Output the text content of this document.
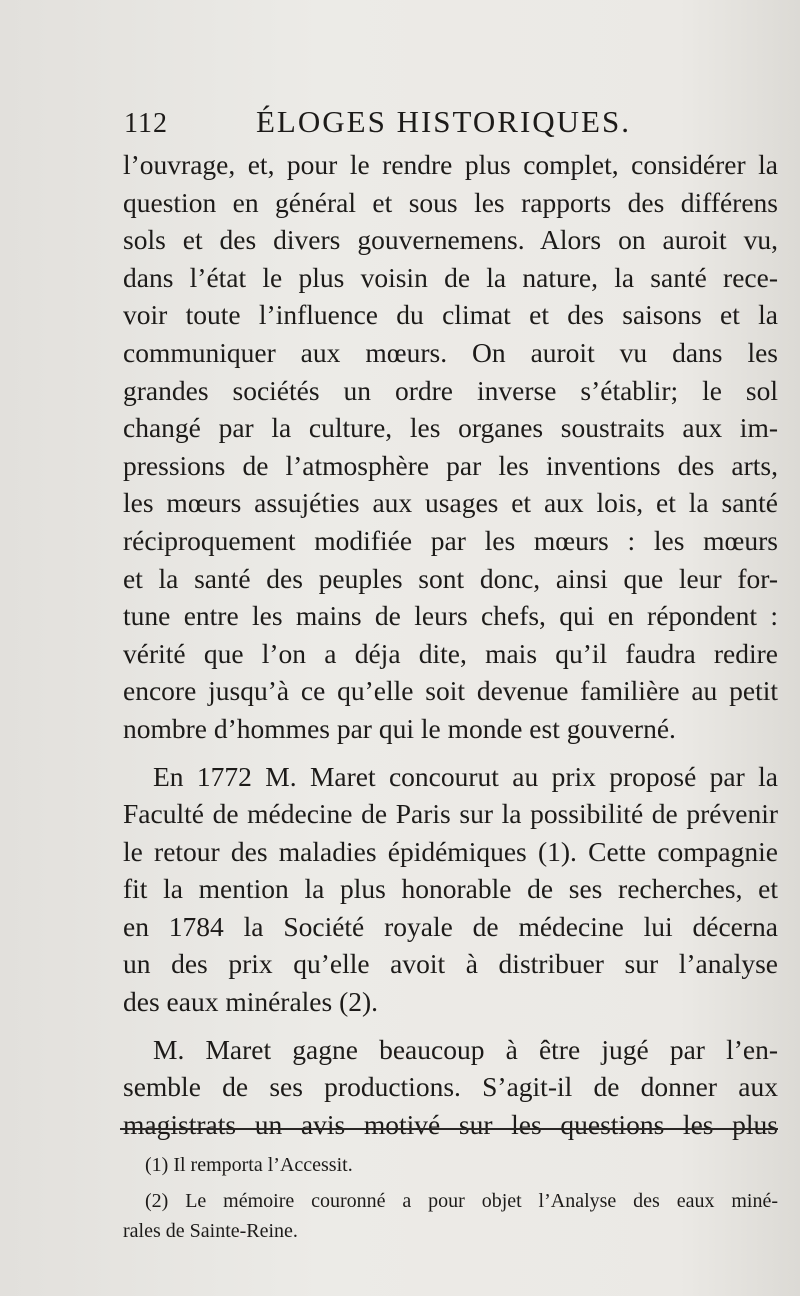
112	ÉLOGES HISTORIQUES.

l’ouvrage, et, pour le rendre plus complet, considérer la
question en général et sous les rapports des différens
sols et des divers gouvernemens. Alors on auroit vu,
dans l’état le plus voisin de la nature, la santé rece-
voir toute l’influence du climat et des saisons et la
communiquer aux mœurs. On auroit vu dans les
grandes sociétés un ordre inverse s’établir; le sol
changé par la culture, les organes soustraits aux im-
pressions de l’atmosphère par les inventions des arts,
les mœurs assujéties aux usages et aux lois, et la santé
réciproquement modifiée par les mœurs : les mœurs
et la santé des peuples sont donc, ainsi que leur for-
tune entre les mains de leurs chefs, qui en répondent :
vérité que l’on a déja dite, mais qu’il faudra redire
encore jusqu’à ce qu’elle soit devenue familière au petit
nombre d’hommes par qui le monde est gouverné.

En 1772 M. Maret concourut au prix proposé par la
Faculté de médecine de Paris sur la possibilité de prévenir
le retour des maladies épidémiques (1). Cette compagnie
fit la mention la plus honorable de ses recherches, et
en 1784 la Société royale de médecine lui décerna
un des prix qu’elle avoit à distribuer sur l’analyse
des eaux minérales (2).

M. Maret gagne beaucoup à être jugé par l’en-
semble de ses productions. S’agit-il de donner aux
magistrats un avis motivé sur les questions les plus

(1) Il remporta l’Accessit.

(2) Le mémoire couronné a pour objet l’Analyse des eaux miné-
rales de Sainte-Reine.
